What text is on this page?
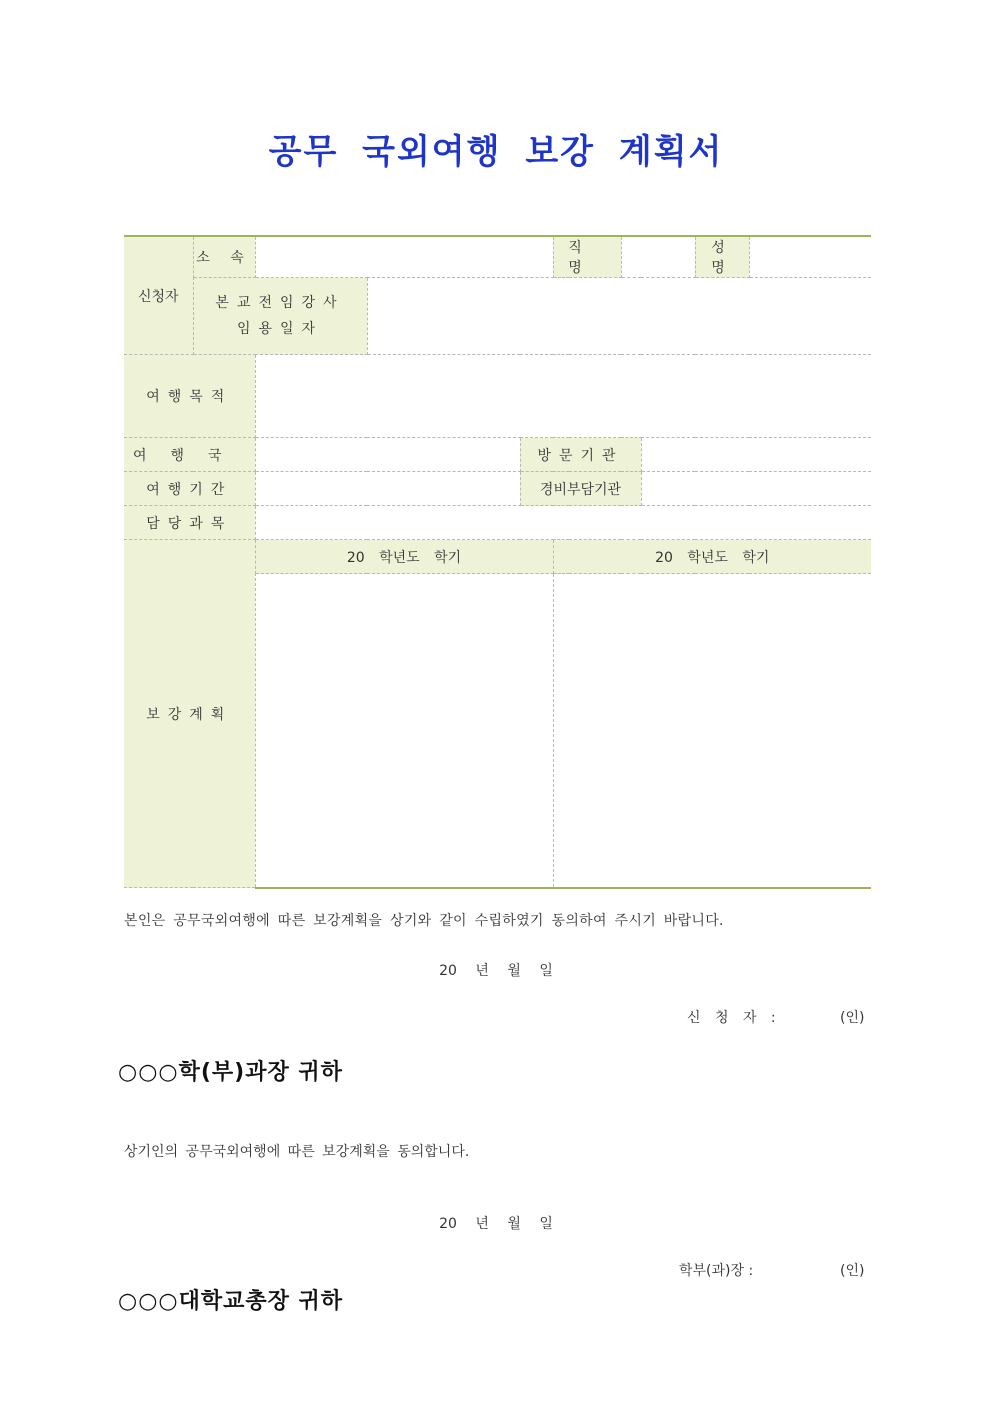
공무 국외여행 보강 계획서
신청자	소 속				직 명			성 명	

	본교전임강사
임용일자								

여행목적									
여행국				방문기관					
여행기간				경비부담기관					
담당과목									
보강계획		20 학년도 학기			20 학년도 학기				

본인은 공무국외여행에 따른 보강계획을 상기와 같이 수립하였기 동의하여 주시기 바랍니다.
20 년 월 일
신 청 자 :	(인)
○○○학(부)과장 귀하
상기인의 공무국외여행에 따른 보강계획을 동의합니다.
20 년 월 일
학부(과)장 :	(인)
○○○대학교총장 귀하
